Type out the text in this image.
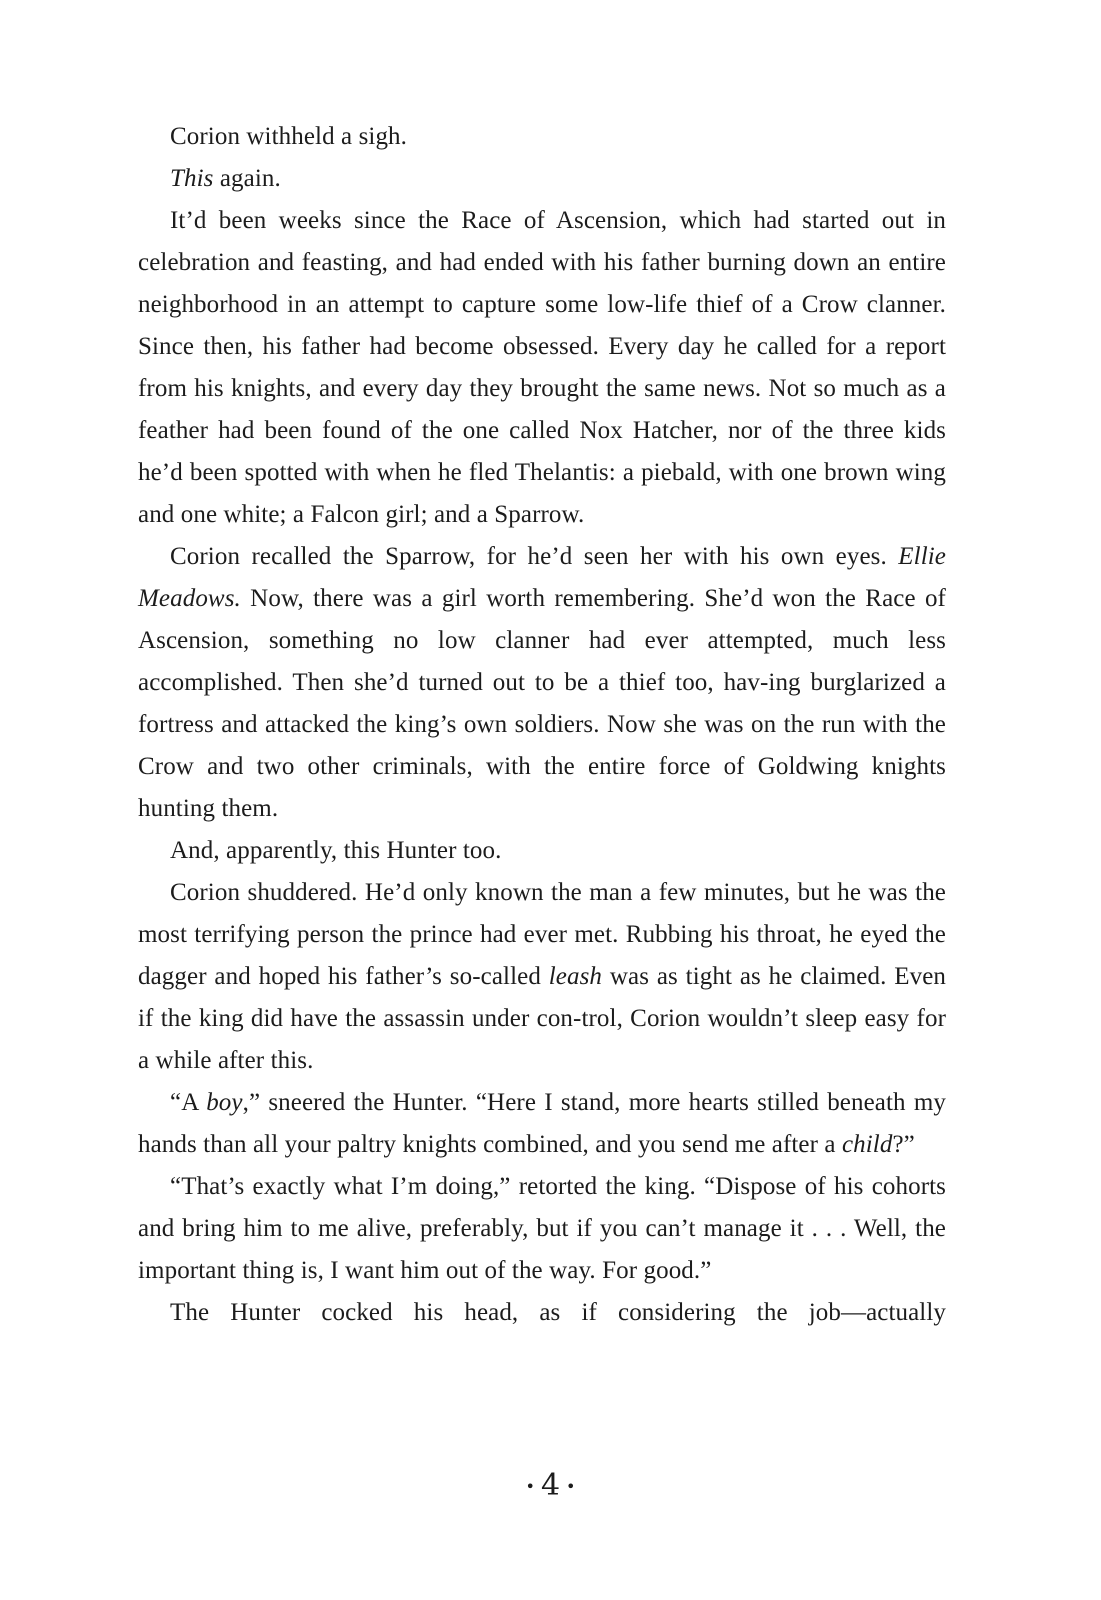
Corion withheld a sigh.

This again.

It’d been weeks since the Race of Ascension, which had started out in celebration and feasting, and had ended with his father burning down an entire neighborhood in an attempt to capture some low-life thief of a Crow clanner. Since then, his father had become obsessed. Every day he called for a report from his knights, and every day they brought the same news. Not so much as a feather had been found of the one called Nox Hatcher, nor of the three kids he’d been spotted with when he fled Thelantis: a piebald, with one brown wing and one white; a Falcon girl; and a Sparrow.

Corion recalled the Sparrow, for he’d seen her with his own eyes. Ellie Meadows. Now, there was a girl worth remembering. She’d won the Race of Ascension, something no low clanner had ever attempted, much less accomplished. Then she’d turned out to be a thief too, hav-ing burglarized a fortress and attacked the king’s own soldiers. Now she was on the run with the Crow and two other criminals, with the entire force of Goldwing knights hunting them.

And, apparently, this Hunter too.

Corion shuddered. He’d only known the man a few minutes, but he was the most terrifying person the prince had ever met. Rubbing his throat, he eyed the dagger and hoped his father’s so-called leash was as tight as he claimed. Even if the king did have the assassin under con-trol, Corion wouldn’t sleep easy for a while after this.

“A boy,” sneered the Hunter. “Here I stand, more hearts stilled beneath my hands than all your paltry knights combined, and you send me after a child?”

“That’s exactly what I’m doing,” retorted the king. “Dispose of his cohorts and bring him to me alive, preferably, but if you can’t manage it . . . Well, the important thing is, I want him out of the way. For good.”

The Hunter cocked his head, as if considering the job—actually

• 4 •
